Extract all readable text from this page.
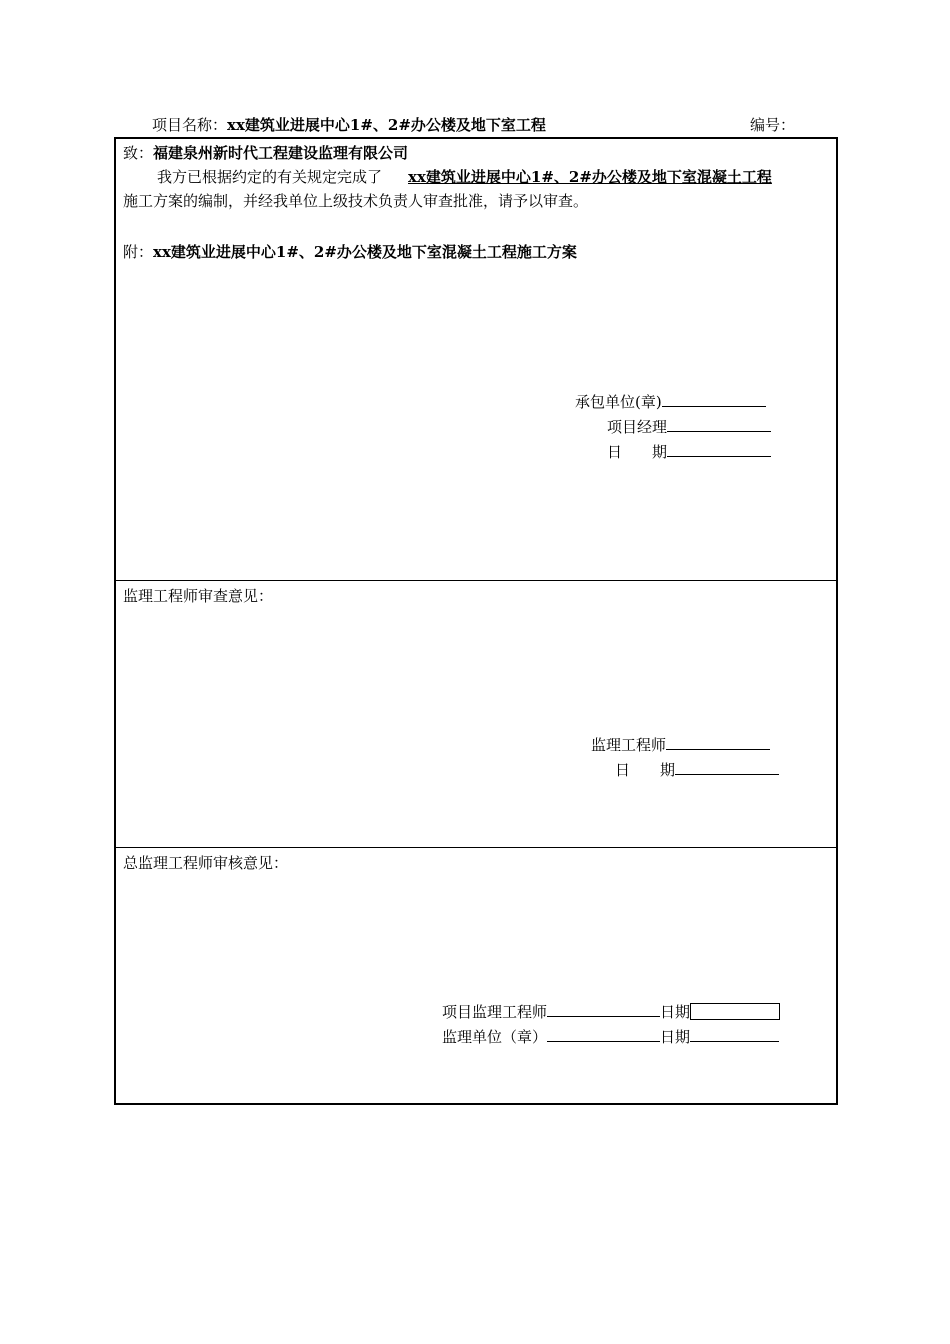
项目名称：xx建筑业进展中心1#、2#办公楼及地下室工程	编号：
致：福建泉州新时代工程建设监理有限公司
我方已根据约定的有关规定完成了 xx建筑业进展中心1#、2#办公楼及地下室混凝土工程
施工方案的编制，并经我单位上级技术负责人审查批准，请予以审查。
附：xx建筑业进展中心1#、2#办公楼及地下室混凝土工程施工方案
承包单位(章)
项目经理
日　　期
监理工程师审查意见：
监理工程师
日　　期
总监理工程师审核意见：
项目监理工程师	日期
监理单位（章）	日期
